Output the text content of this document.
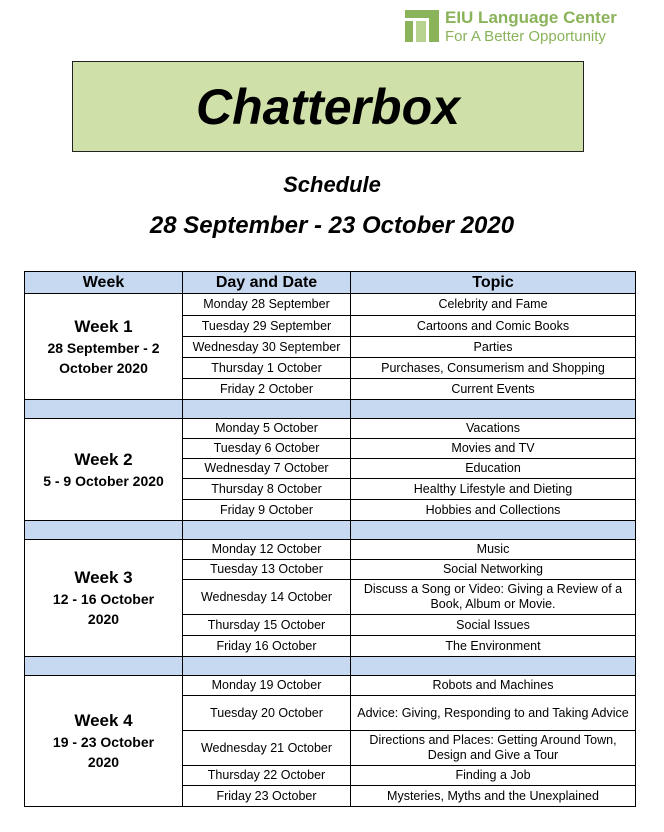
EIU Language Center
For A Better Opportunity
Chatterbox
Schedule
28 September - 23 October 2020
Week	Day and Date	Topic

Week 1
28 September - 2 October 2020	Monday 28 September	Celebrity and Fame
	Tuesday 29 September	Cartoons and Comic Books
	Wednesday 30 September	Parties
	Thursday 1 October	Purchases, Consumerism and Shopping
	Friday 2 October	Current Events

Week 2
5 - 9 October 2020	Monday 5 October	Vacations
	Tuesday 6 October	Movies and TV
	Wednesday 7 October	Education
	Thursday 8 October	Healthy Lifestyle and Dieting
	Friday 9 October	Hobbies and Collections

Week 3
12 - 16 October 2020	Monday 12 October	Music
	Tuesday 13 October	Social Networking
	Wednesday 14 October	Discuss a Song or Video: Giving a Review of a Book, Album or Movie.
	Thursday 15 October	Social Issues
	Friday 16 October	The Environment

Week 4
19 - 23 October 2020	Monday 19 October	Robots and Machines
	Tuesday 20 October	Advice: Giving, Responding to and Taking Advice
	Wednesday 21 October	Directions and Places: Getting Around Town, Design and Give a Tour
	Thursday 22 October	Finding a Job
	Friday 23 October	Mysteries, Myths and the Unexplained
